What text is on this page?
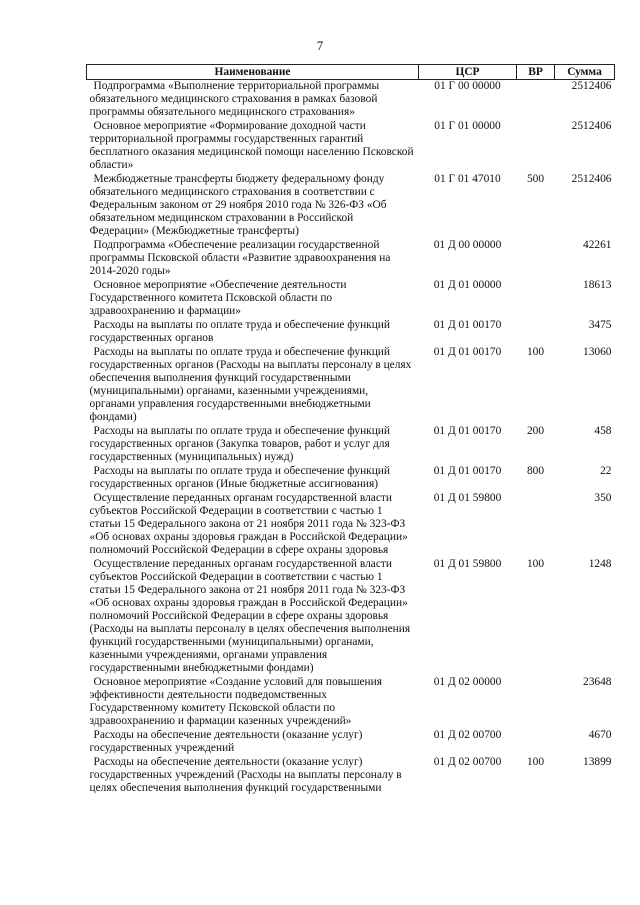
7
Наименование	ЦСР	ВР	Сумма
Подпрограмма «Выполнение территориальной программы обязательного медицинского страхования в рамках базовой программы обязательного медицинского страхования»	01 Г 00 00000		2512406
Основное мероприятие «Формирование доходной части территориальной программы государственных гарантий бесплатного оказания медицинской помощи населению Псковской области»	01 Г 01 00000		2512406
Межбюджетные трансферты бюджету федеральному фонду обязательного медицинского страхования в соответствии с Федеральным законом от 29 ноября 2010 года № 326-ФЗ «Об обязательном медицинском страховании в Российской Федерации» (Межбюджетные трансферты)	01 Г 01 47010	500	2512406
Подпрограмма «Обеспечение реализации государственной программы Псковской области «Развитие здравоохранения на 2014-2020 годы»	01 Д 00 00000		42261
Основное мероприятие «Обеспечение деятельности Государственного комитета Псковской области по здравоохранению и фармации»	01 Д 01 00000		18613
Расходы на выплаты по оплате труда и обеспечение функций государственных органов	01 Д 01 00170		3475
Расходы на выплаты по оплате труда и обеспечение функций государственных органов (Расходы на выплаты персоналу в целях обеспечения выполнения функций государственными (муниципальными) органами, казенными учреждениями, органами управления государственными внебюджетными фондами)	01 Д 01 00170	100	13060
Расходы на выплаты по оплате труда и обеспечение функций государственных органов (Закупка товаров, работ и услуг для государственных (муниципальных) нужд)	01 Д 01 00170	200	458
Расходы на выплаты по оплате труда и обеспечение функций государственных органов (Иные бюджетные ассигнования)	01 Д 01 00170	800	22
Осуществление переданных органам государственной власти субъектов Российской Федерации в соответствии с частью 1 статьи 15 Федерального закона от 21 ноября 2011 года № 323-ФЗ «Об основах охраны здоровья граждан в Российской Федерации» полномочий Российской Федерации в сфере охраны здоровья	01 Д 01 59800		350
Осуществление переданных органам государственной власти субъектов Российской Федерации в соответствии с частью 1 статьи 15 Федерального закона от 21 ноября 2011 года № 323-ФЗ «Об основах охраны здоровья граждан в Российской Федерации» полномочий Российской Федерации в сфере охраны здоровья (Расходы на выплаты персоналу в целях обеспечения выполнения функций государственными (муниципальными) органами, казенными учреждениями, органами управления государственными внебюджетными фондами)	01 Д 01 59800	100	1248
Основное мероприятие «Создание условий для повышения эффективности деятельности подведомственных Государственному комитету Псковской области по здравоохранению и фармации казенных учреждений»	01 Д 02 00000		23648
Расходы на обеспечение деятельности (оказание услуг) государственных учреждений	01 Д 02 00700		4670
Расходы на обеспечение деятельности (оказание услуг) государственных учреждений (Расходы на выплаты персоналу в целях обеспечения выполнения функций государственными	01 Д 02 00700	100	13899
